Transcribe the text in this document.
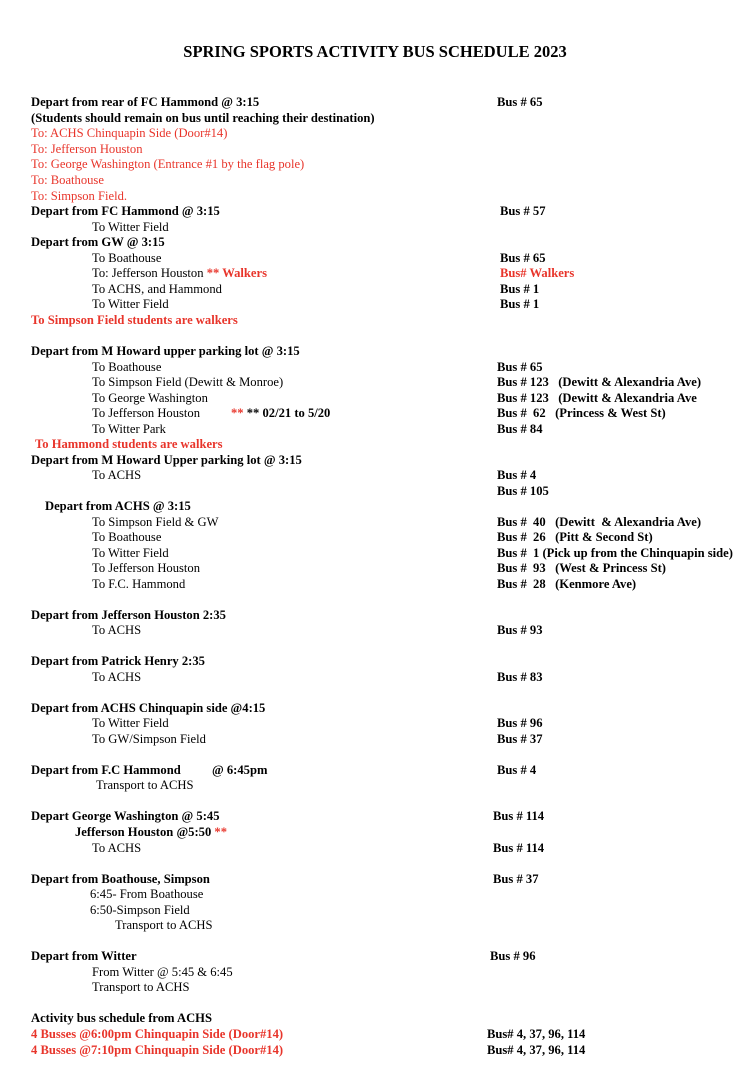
SPRING SPORTS ACTIVITY BUS SCHEDULE 2023
Depart from rear of FC Hammond @ 3:15
(Students should remain on bus until reaching their destination)
To: ACHS Chinquapin Side (Door#14)
To: Jefferson Houston
To: George Washington (Entrance #1 by the flag pole)
To: Boathouse
To: Simpson Field.
Depart from FC Hammond @ 3:15
To Witter Field
Depart from GW @ 3:15
To Boathouse
To: Jefferson Houston ** Walkers
To ACHS, and Hammond
To Witter Field
To Simpson Field students are walkers
Depart from M Howard upper parking lot @ 3:15
To Boathouse
To Simpson Field (Dewitt & Monroe)
To George Washington
To Jefferson Houston ** ** 02/21 to 5/20
To Witter Park
To Hammond students are walkers
Depart from M Howard Upper parking lot @ 3:15
To ACHS
Depart from ACHS @ 3:15
To Simpson Field & GW
To Boathouse
To Witter Field
To Jefferson Houston
To F.C. Hammond
Depart from Jefferson Houston 2:35
To ACHS
Depart from Patrick Henry 2:35
To ACHS
Depart from ACHS Chinquapin side @4:15
To Witter Field
To GW/Simpson Field
Depart from F.C Hammond @ 6:45pm
Transport to ACHS
Depart George Washington @ 5:45
Jefferson Houston @5:50 **
To ACHS
Depart from Boathouse, Simpson
6:45- From Boathouse
6:50-Simpson Field
Transport to ACHS
Depart from Witter
From Witter @ 5:45 & 6:45
Transport to ACHS
Activity bus schedule from ACHS
4 Busses @6:00pm Chinquapin Side (Door#14)
4 Busses @7:10pm Chinquapin Side (Door#14)
Bus # 65
Bus # 57
Bus # 65
Bus# Walkers
Bus # 1
Bus # 1
Bus # 65
Bus # 123   (Dewitt & Alexandria Ave)
Bus # 123   (Dewitt & Alexandria Ave
Bus #  62   (Princess & West St)
Bus # 84
Bus # 4
Bus # 105
Bus #  40   (Dewitt  & Alexandria Ave)
Bus #  26   (Pitt & Second St)
Bus #  1 (Pick up from the Chinquapin side)
Bus #  93   (West & Princess St)
Bus #  28   (Kenmore Ave)
Bus # 93
Bus # 83
Bus # 96
Bus # 37
Bus # 4
Bus # 114
Bus # 114
Bus # 37
Bus # 96
Bus# 4, 37, 96, 114
Bus# 4, 37, 96, 114
